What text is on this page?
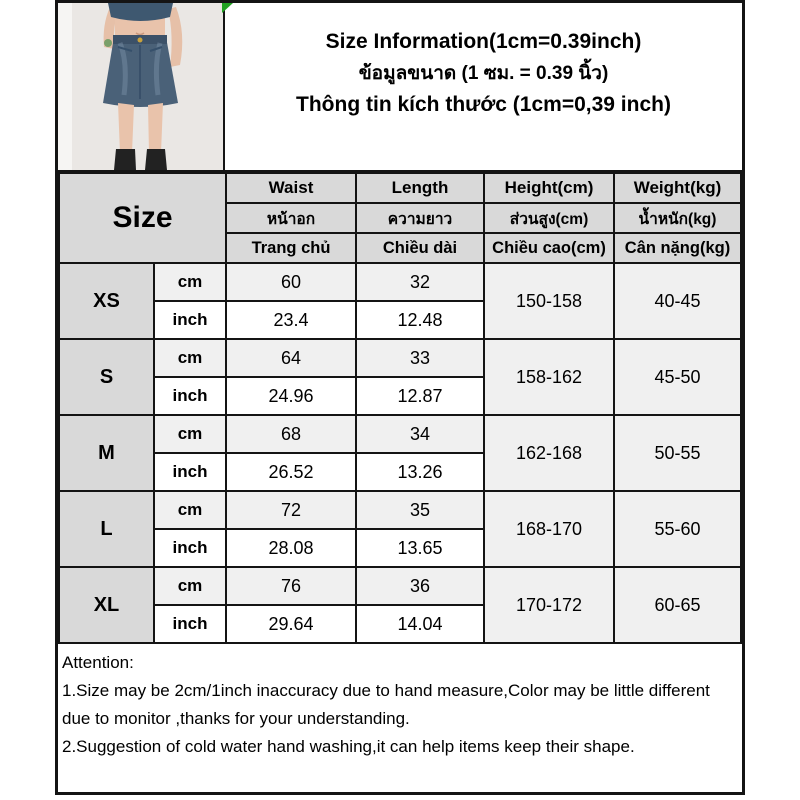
Size Information(1cm=0.39inch)
ข้อมูลขนาด (1 ซม. = 0.39 นิ้ว)
Thông tin kích thước (1cm=0,39 inch)
Size		Waist	Length	Height(cm)	Weight(kg)
		หน้าอก	ความยาว	ส่วนสูง(cm)	น้ำหนัก(kg)
		Trang chủ	Chiều dài	Chiều cao(cm)	Cân nặng(kg)
XS	cm	60	32	150-158	40-45
	inch	23.4	12.48		
S	cm	64	33	158-162	45-50
	inch	24.96	12.87		
M	cm	68	34	162-168	50-55
	inch	26.52	13.26		
L	cm	72	35	168-170	55-60
	inch	28.08	13.65		
XL	cm	76	36	170-172	60-65
	inch	29.64	14.04		

Attention:

1.Size may be 2cm/1inch inaccuracy due to hand measure,Color may be little different due to monitor ,thanks for your understanding.

2.Suggestion of cold water hand washing,it can help items keep their shape.
